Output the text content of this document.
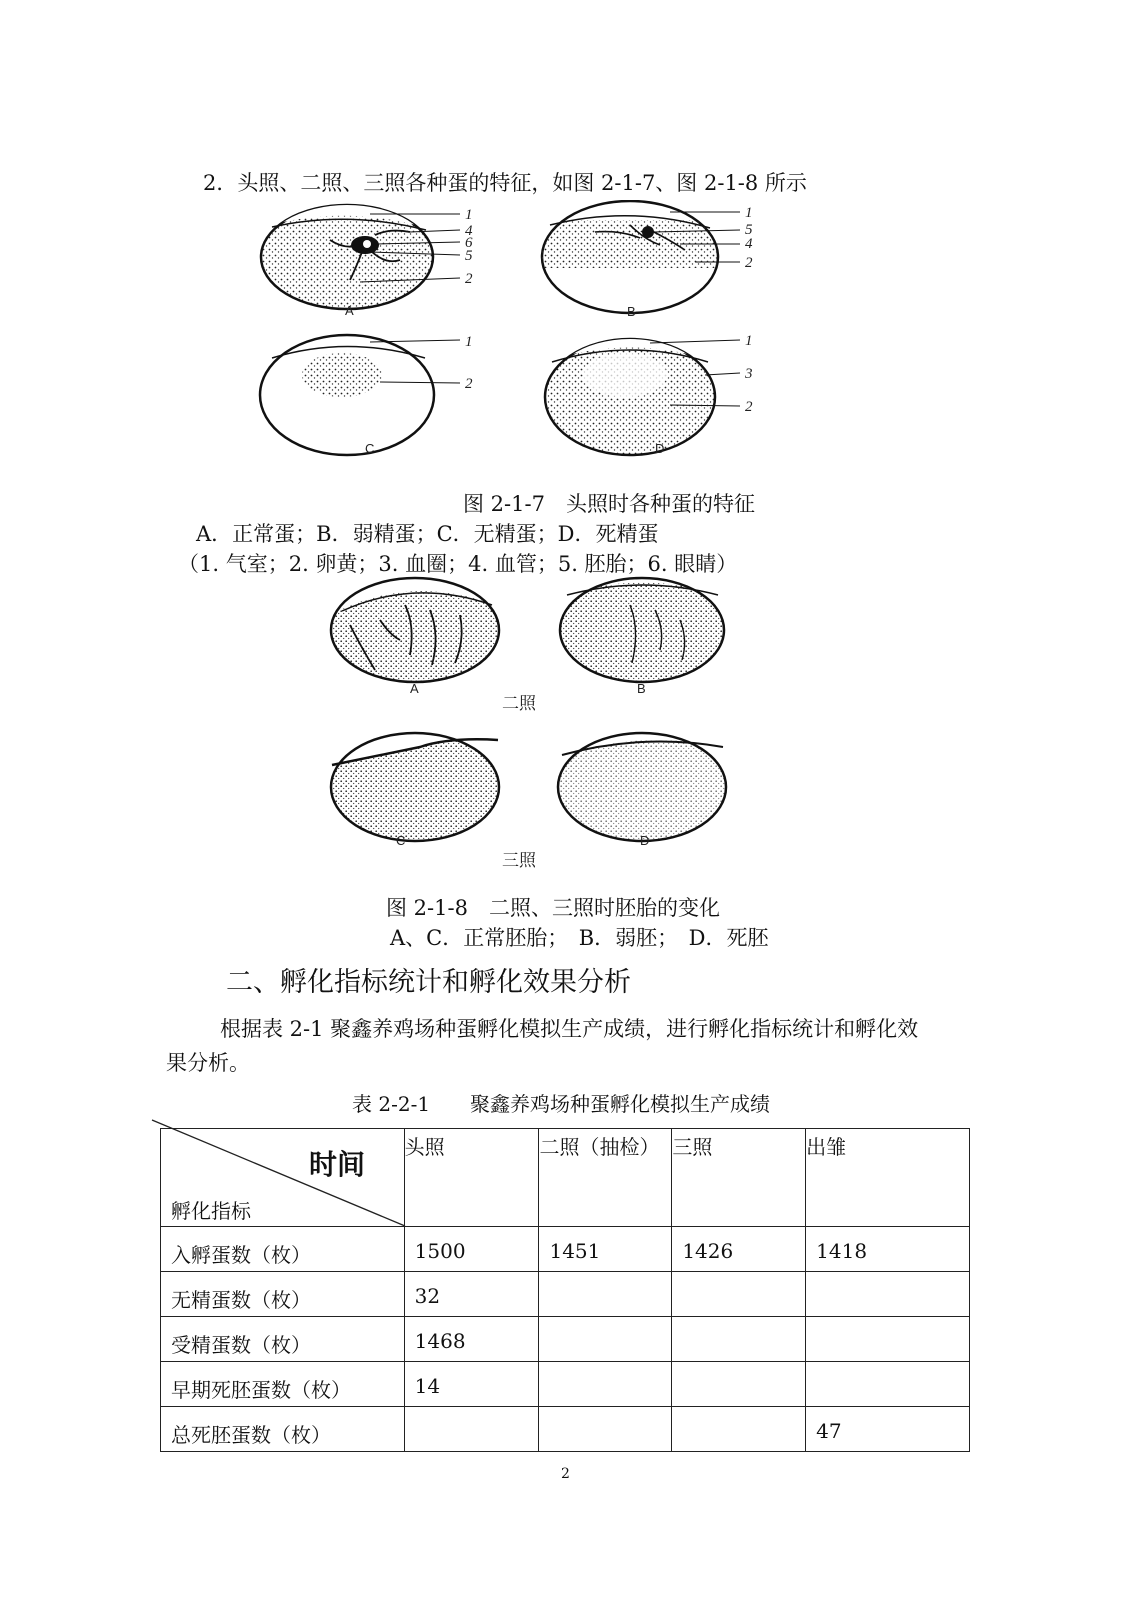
2．头照、二照、三照各种蛋的特征，如图 2-1-7、图 2-1-8 所示
1
4
6
5
2
1
5
4
2
1
2
1
3
2
A	B
C	D
图 2-1-7　头照时各种蛋的特征
A．正常蛋；B．弱精蛋；C．无精蛋；D．死精蛋
（1. 气室；2. 卵黄；3. 血圈；4. 血管；5. 胚胎；6. 眼睛）
A	B
二照
C	D
三照
图 2-1-8　二照、三照时胚胎的变化
A、C．正常胚胎；　B．弱胚；　D．死胚
二、孵化指标统计和孵化效果分析
根据表 2-1 聚鑫养鸡场种蛋孵化模拟生产成绩，进行孵化指标统计和孵化效果分析。
表 2-2-1　　聚鑫养鸡场种蛋孵化模拟生产成绩
时间
孵化指标	头照	二照（抽检）	三照	出雏
入孵蛋数（枚）	1500	1451	1426	1418
无精蛋数（枚）	32			
受精蛋数（枚）	1468			
早期死胚蛋数（枚）	14			
总死胚蛋数（枚）				47
2
